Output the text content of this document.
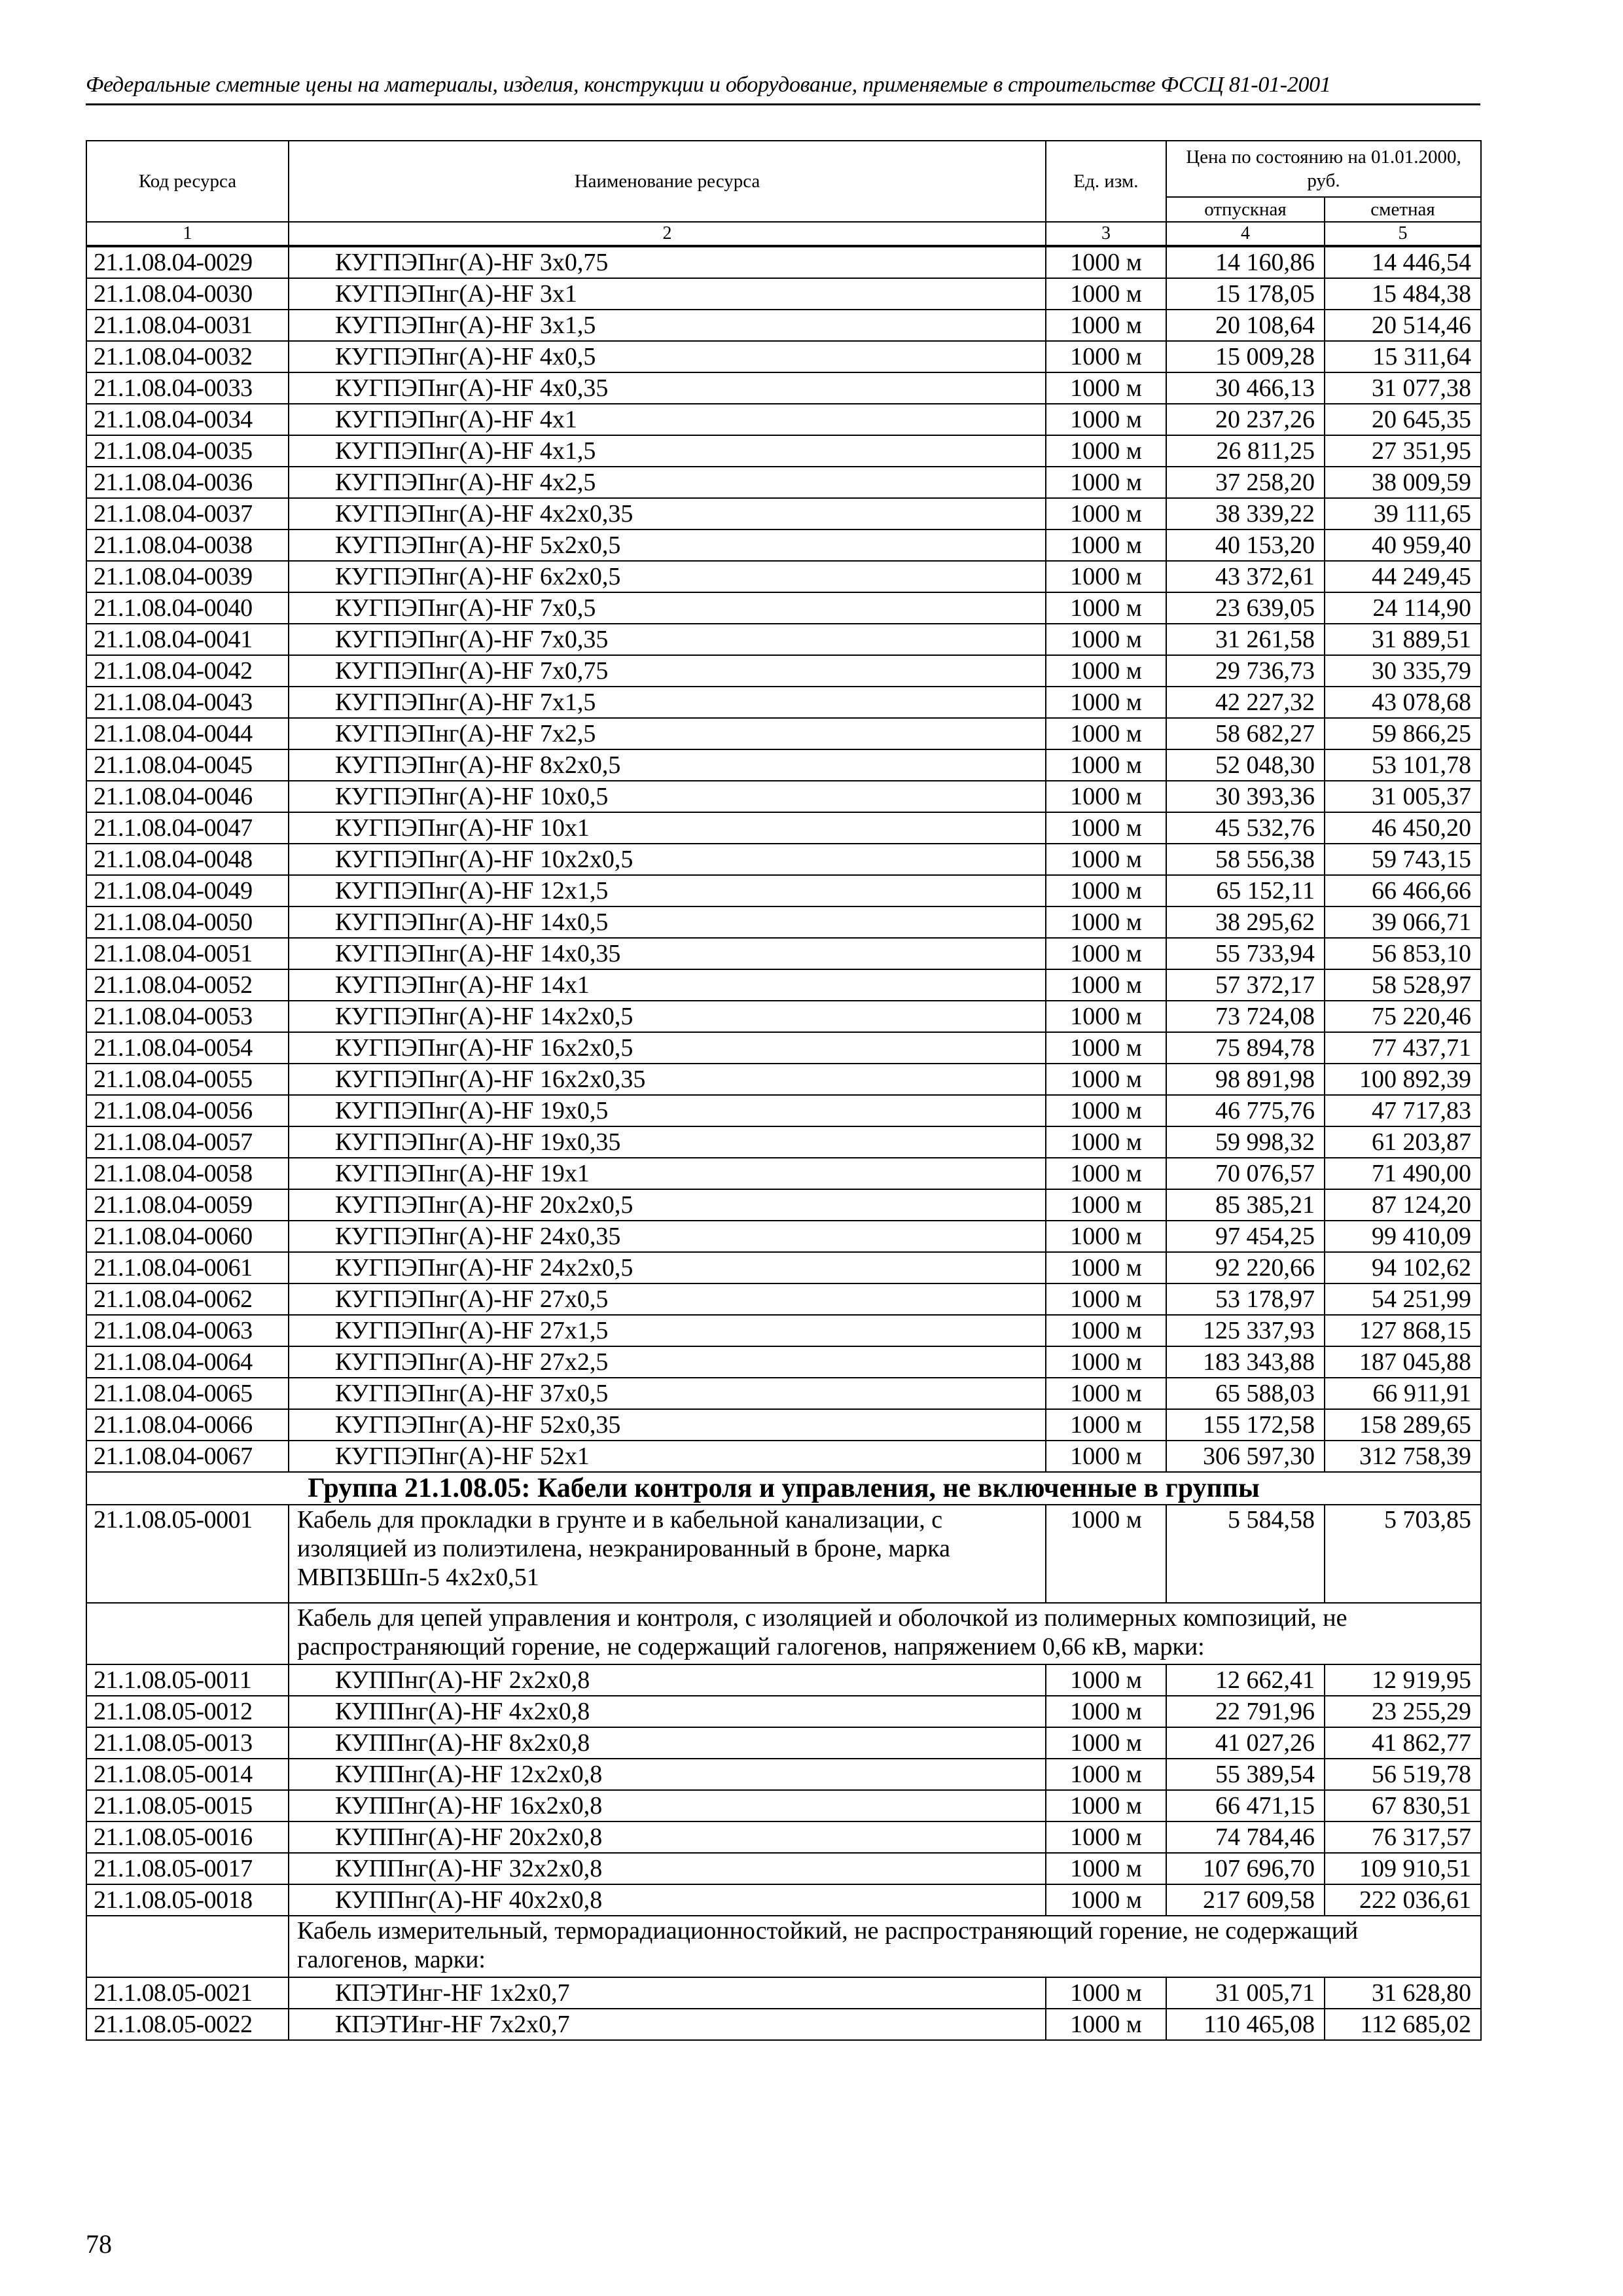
Федеральные сметные цены на материалы, изделия, конструкции и оборудование, применяемые в строительстве ФССЦ 81-01-2001
Код ресурса	Наименование ресурса	Ед. изм.	Цена по состоянию на 01.01.2000, руб.	
			отпускная	сметная
1	2	3	4	5
21.1.08.04-0029	КУГПЭПнг(А)-HF 3х0,75	1000 м	14 160,86	14 446,54
21.1.08.04-0030	КУГПЭПнг(А)-HF 3х1	1000 м	15 178,05	15 484,38
21.1.08.04-0031	КУГПЭПнг(А)-HF 3х1,5	1000 м	20 108,64	20 514,46
21.1.08.04-0032	КУГПЭПнг(А)-HF 4х0,5	1000 м	15 009,28	15 311,64
21.1.08.04-0033	КУГПЭПнг(А)-HF 4х0,35	1000 м	30 466,13	31 077,38
21.1.08.04-0034	КУГПЭПнг(А)-HF 4х1	1000 м	20 237,26	20 645,35
21.1.08.04-0035	КУГПЭПнг(А)-HF 4х1,5	1000 м	26 811,25	27 351,95
21.1.08.04-0036	КУГПЭПнг(А)-HF 4х2,5	1000 м	37 258,20	38 009,59
21.1.08.04-0037	КУГПЭПнг(А)-HF 4х2х0,35	1000 м	38 339,22	39 111,65
21.1.08.04-0038	КУГПЭПнг(А)-HF 5х2х0,5	1000 м	40 153,20	40 959,40
21.1.08.04-0039	КУГПЭПнг(А)-HF 6х2х0,5	1000 м	43 372,61	44 249,45
21.1.08.04-0040	КУГПЭПнг(А)-HF 7х0,5	1000 м	23 639,05	24 114,90
21.1.08.04-0041	КУГПЭПнг(А)-HF 7х0,35	1000 м	31 261,58	31 889,51
21.1.08.04-0042	КУГПЭПнг(А)-HF 7х0,75	1000 м	29 736,73	30 335,79
21.1.08.04-0043	КУГПЭПнг(А)-HF 7х1,5	1000 м	42 227,32	43 078,68
21.1.08.04-0044	КУГПЭПнг(А)-HF 7х2,5	1000 м	58 682,27	59 866,25
21.1.08.04-0045	КУГПЭПнг(А)-HF 8х2х0,5	1000 м	52 048,30	53 101,78
21.1.08.04-0046	КУГПЭПнг(А)-HF 10х0,5	1000 м	30 393,36	31 005,37
21.1.08.04-0047	КУГПЭПнг(А)-HF 10х1	1000 м	45 532,76	46 450,20
21.1.08.04-0048	КУГПЭПнг(А)-HF 10х2х0,5	1000 м	58 556,38	59 743,15
21.1.08.04-0049	КУГПЭПнг(А)-HF 12х1,5	1000 м	65 152,11	66 466,66
21.1.08.04-0050	КУГПЭПнг(А)-HF 14х0,5	1000 м	38 295,62	39 066,71
21.1.08.04-0051	КУГПЭПнг(А)-HF 14х0,35	1000 м	55 733,94	56 853,10
21.1.08.04-0052	КУГПЭПнг(А)-HF 14х1	1000 м	57 372,17	58 528,97
21.1.08.04-0053	КУГПЭПнг(А)-HF 14х2х0,5	1000 м	73 724,08	75 220,46
21.1.08.04-0054	КУГПЭПнг(А)-HF 16х2х0,5	1000 м	75 894,78	77 437,71
21.1.08.04-0055	КУГПЭПнг(А)-HF 16х2х0,35	1000 м	98 891,98	100 892,39
21.1.08.04-0056	КУГПЭПнг(А)-HF 19х0,5	1000 м	46 775,76	47 717,83
21.1.08.04-0057	КУГПЭПнг(А)-HF 19х0,35	1000 м	59 998,32	61 203,87
21.1.08.04-0058	КУГПЭПнг(А)-HF 19х1	1000 м	70 076,57	71 490,00
21.1.08.04-0059	КУГПЭПнг(А)-HF 20х2х0,5	1000 м	85 385,21	87 124,20
21.1.08.04-0060	КУГПЭПнг(А)-HF 24х0,35	1000 м	97 454,25	99 410,09
21.1.08.04-0061	КУГПЭПнг(А)-HF 24х2х0,5	1000 м	92 220,66	94 102,62
21.1.08.04-0062	КУГПЭПнг(А)-HF 27х0,5	1000 м	53 178,97	54 251,99
21.1.08.04-0063	КУГПЭПнг(А)-HF 27х1,5	1000 м	125 337,93	127 868,15
21.1.08.04-0064	КУГПЭПнг(А)-HF 27х2,5	1000 м	183 343,88	187 045,88
21.1.08.04-0065	КУГПЭПнг(А)-HF 37х0,5	1000 м	65 588,03	66 911,91
21.1.08.04-0066	КУГПЭПнг(А)-HF 52х0,35	1000 м	155 172,58	158 289,65
21.1.08.04-0067	КУГПЭПнг(А)-HF 52х1	1000 м	306 597,30	312 758,39
Группа 21.1.08.05: Кабели контроля и управления, не включенные в группы				
21.1.08.05-0001	Кабель для прокладки в грунте и в кабельной канализации, с изоляцией из полиэтилена, неэкранированный в броне, марка МВПЗБШп-5 4х2х0,51	1000 м	5 584,58	5 703,85
	Кабель для цепей управления и контроля, с изоляцией и оболочкой из полимерных композиций, не распространяющий горение, не содержащий галогенов, напряжением 0,66 кВ, марки:			
21.1.08.05-0011	КУППнг(А)-HF 2х2х0,8	1000 м	12 662,41	12 919,95
21.1.08.05-0012	КУППнг(А)-HF 4х2х0,8	1000 м	22 791,96	23 255,29
21.1.08.05-0013	КУППнг(А)-HF 8х2х0,8	1000 м	41 027,26	41 862,77
21.1.08.05-0014	КУППнг(А)-HF 12х2х0,8	1000 м	55 389,54	56 519,78
21.1.08.05-0015	КУППнг(А)-HF 16х2х0,8	1000 м	66 471,15	67 830,51
21.1.08.05-0016	КУППнг(А)-HF 20х2х0,8	1000 м	74 784,46	76 317,57
21.1.08.05-0017	КУППнг(А)-HF 32х2х0,8	1000 м	107 696,70	109 910,51
21.1.08.05-0018	КУППнг(А)-HF 40х2х0,8	1000 м	217 609,58	222 036,61
	Кабель измерительный, терморадиационностойкий, не распространяющий горение, не содержащий галогенов, марки:			
21.1.08.05-0021	КПЭТИнг-HF 1х2х0,7	1000 м	31 005,71	31 628,80
21.1.08.05-0022	КПЭТИнг-HF 7х2х0,7	1000 м	110 465,08	112 685,02
78
